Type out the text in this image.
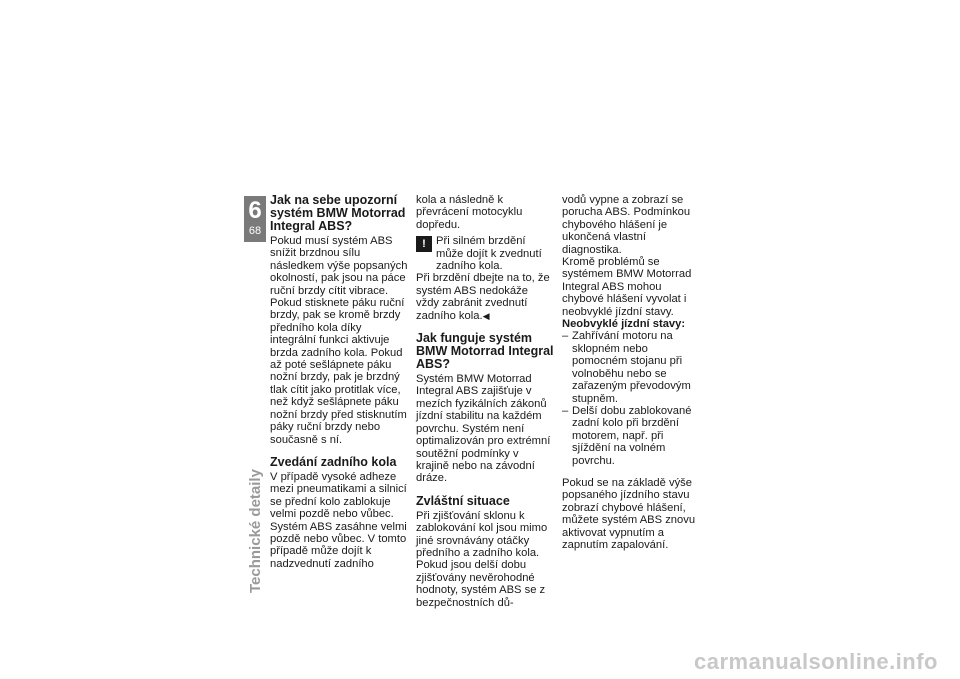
6
68
Technické detaily
Jak na sebe upozorní systém BMW Motorrad Integral ABS?

Pokud musí systém ABS snížit brzdnou sílu následkem výše popsaných okolností, pak jsou na páce ruční brzdy cítit vibrace. Pokud stisknete páku ruční brzdy, pak se kromě brzdy předního kola díky integrální funkci aktivuje brzda zadního kola. Pokud až poté sešlápnete páku nožní brzdy, pak je brzdný tlak cítit jako protitlak více, než když sešlápnete páku nožní brzdy před stisknutím páky ruční brzdy nebo současně s ní.

Zvedání zadního kola

V případě vysoké adheze mezi pneumatikami a silnicí se přední kolo zablokuje velmi pozdě nebo vůbec. Systém ABS zasáhne velmi pozdě nebo vůbec. V tomto případě může dojít k nadzvednutí zadního

kola a následně k převrácení motocyklu dopředu.

! Při silném brzdění může dojít k zvednutí zadního kola.

Při brzdění dbejte na to, že systém ABS nedokáže vždy zabránit zvednutí zadního kola.◀

Jak funguje systém BMW Motorrad Integral ABS?

Systém BMW Motorrad Integral ABS zajišťuje v mezích fyzikálních zákonů jízdní stabilitu na každém povrchu. Systém není optimalizován pro extrémní soutěžní podmínky v krajině nebo na závodní dráze.

Zvláštní situace

Při zjišťování sklonu k zablokování kol jsou mimo jiné srovnávány otáčky předního a zadního kola. Pokud jsou delší dobu zjišťovány nevěrohodné hodnoty, systém ABS se z bezpečnostních dů-

vodů vypne a zobrazí se porucha ABS. Podmínkou chybového hlášení je ukončená vlastní diagnostika.

Kromě problémů se systémem BMW Motorrad Integral ABS mohou chybové hlášení vyvolat i neobvyklé jízdní stavy.

Neobvyklé jízdní stavy:

– Zahřívání motoru na sklopném nebo pomocném stojanu při volnoběhu nebo se zařazeným převodovým stupněm.
– Delší dobu zablokované zadní kolo při brzdění motorem, např. při sjíždění na volném povrchu.

Pokud se na základě výše popsaného jízdního stavu zobrazí chybové hlášení, můžete systém ABS znovu aktivovat vypnutím a zapnutím zapalování.

carmanualsonline.info
